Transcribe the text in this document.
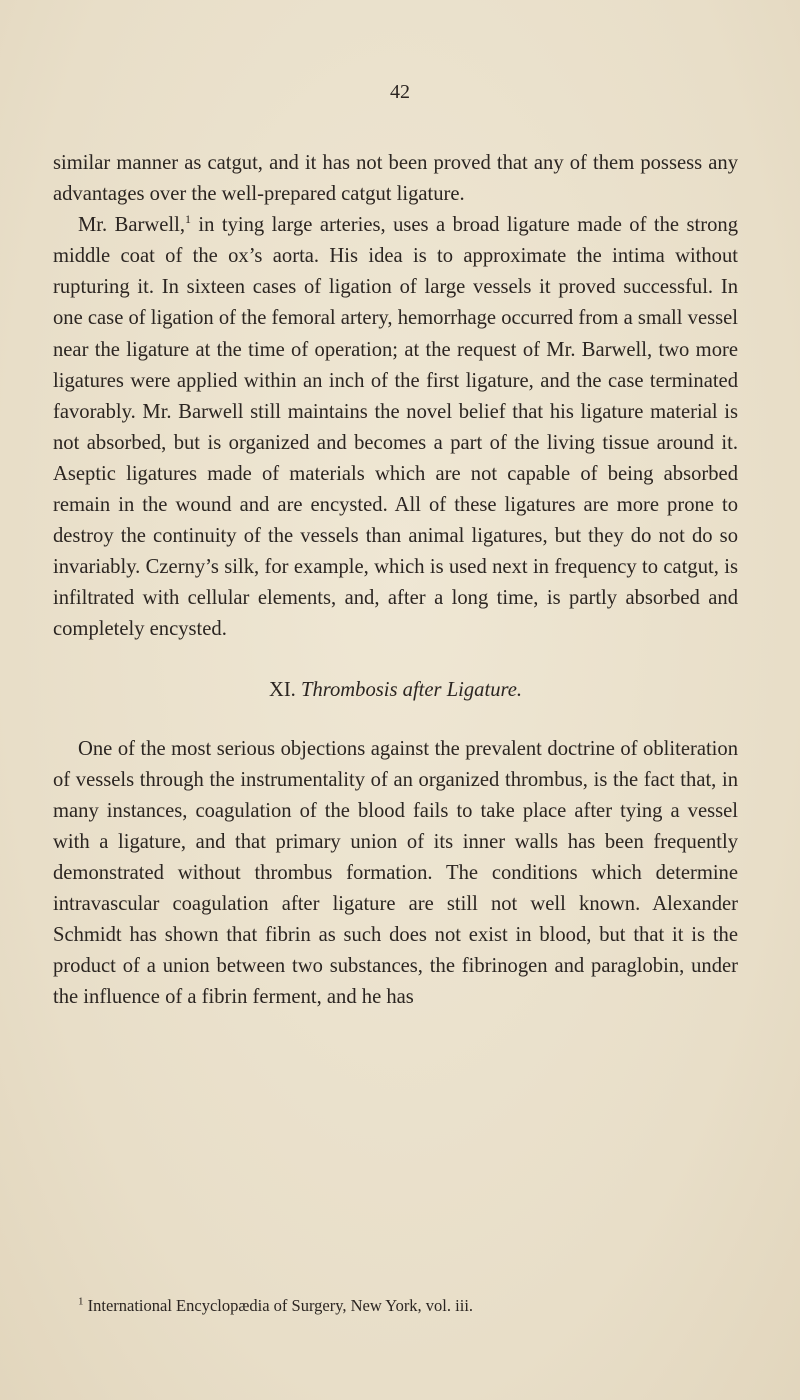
42

similar manner as catgut, and it has not been proved that any of them possess any advantages over the well-prepared catgut ligature.

Mr. Barwell,$^1$ in tying large arteries, uses a broad ligature made of the strong middle coat of the ox’s aorta. His idea is to approximate the intima without rupturing it. In sixteen cases of ligation of large vessels it proved successful. In one case of ligation of the femoral artery, hemorrhage occurred from a small vessel near the ligature at the time of operation; at the request of Mr. Barwell, two more ligatures were applied within an inch of the first ligature, and the case terminated favorably. Mr. Barwell still maintains the novel belief that his ligature material is not absorbed, but is organized and becomes a part of the living tissue around it. Aseptic ligatures made of materials which are not capable of being absorbed remain in the wound and are encysted. All of these ligatures are more prone to destroy the continuity of the vessels than animal ligatures, but they do not do so invariably. Czerny’s silk, for example, which is used next in frequency to catgut, is infiltrated with cellular elements, and, after a long time, is partly absorbed and completely encysted.

XI. Thrombosis after Ligature.

One of the most serious objections against the prevalent doctrine of obliteration of vessels through the instrumentality of an organized thrombus, is the fact that, in many instances, coagulation of the blood fails to take place after tying a vessel with a ligature, and that primary union of its inner walls has been frequently demonstrated without thrombus formation. The conditions which determine intravascular coagulation after ligature are still not well known. Alexander Schmidt has shown that fibrin as such does not exist in blood, but that it is the product of a union between two substances, the fibrinogen and paraglobin, under the influence of a fibrin ferment, and he has

$^1$ International Encyclopædia of Surgery, New York, vol. iii.
